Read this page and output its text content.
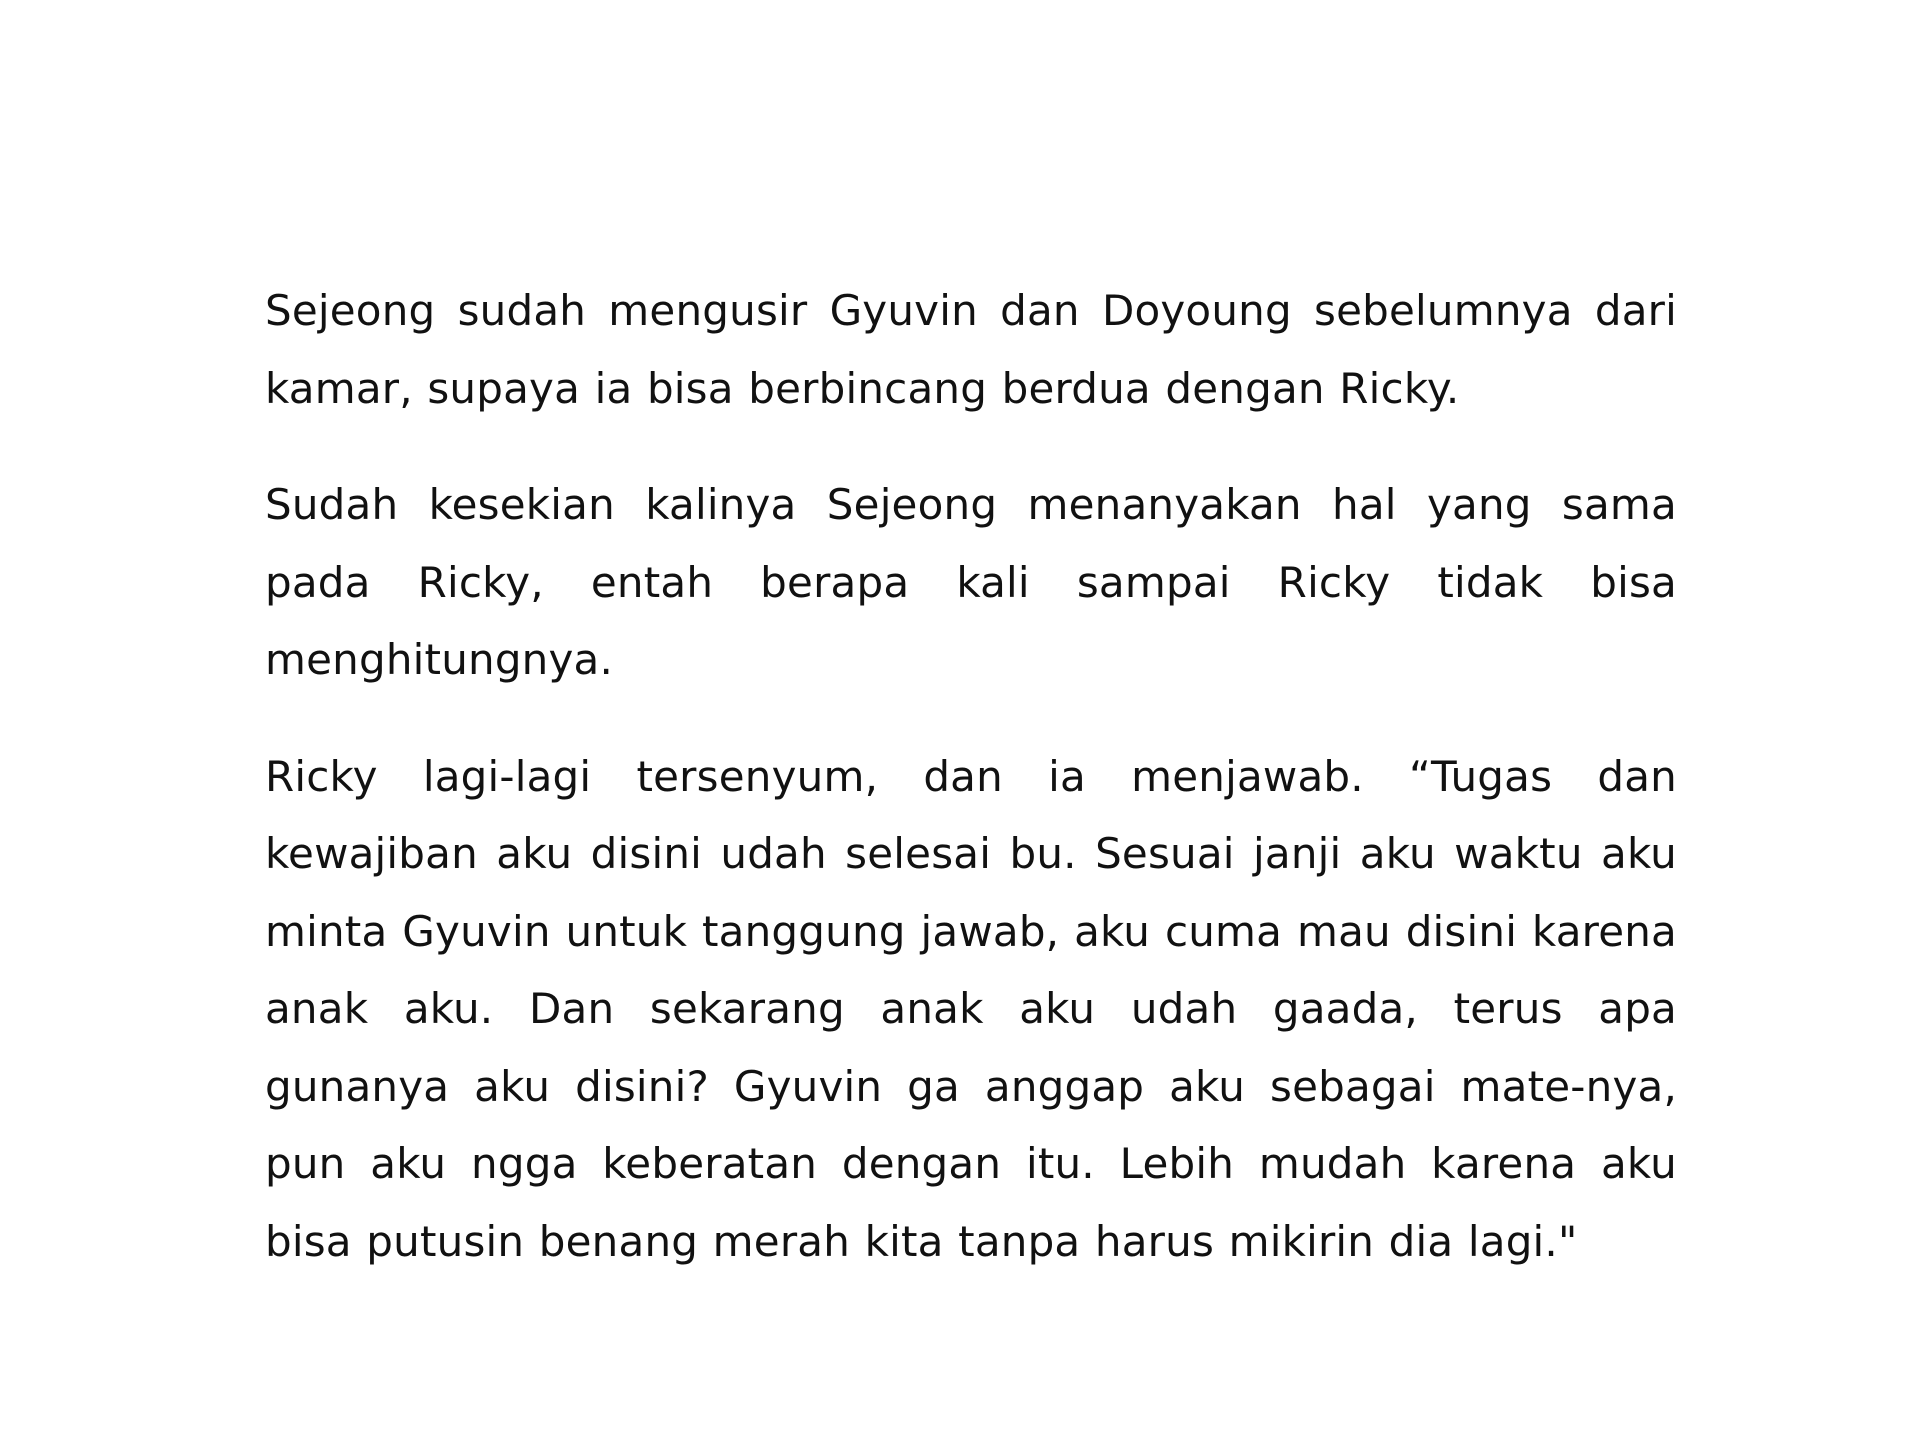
Sejeong sudah mengusir Gyuvin dan Doyoung sebelumnya dari kamar, supaya ia bisa berbincang berdua dengan Ricky.

Sudah kesekian kalinya Sejeong menanyakan hal yang sama pada Ricky, entah berapa kali sampai Ricky tidak bisa menghitungnya.

Ricky lagi-lagi tersenyum, dan ia menjawab. “Tugas dan kewajiban aku disini udah selesai bu. Sesuai janji aku waktu aku minta Gyuvin untuk tanggung jawab, aku cuma mau disini karena anak aku. Dan sekarang anak aku udah gaada, terus apa gunanya aku disini? Gyuvin ga anggap aku sebagai mate-nya, pun aku ngga keberatan dengan itu. Lebih mudah karena aku bisa putusin benang merah kita tanpa harus mikirin dia lagi."
